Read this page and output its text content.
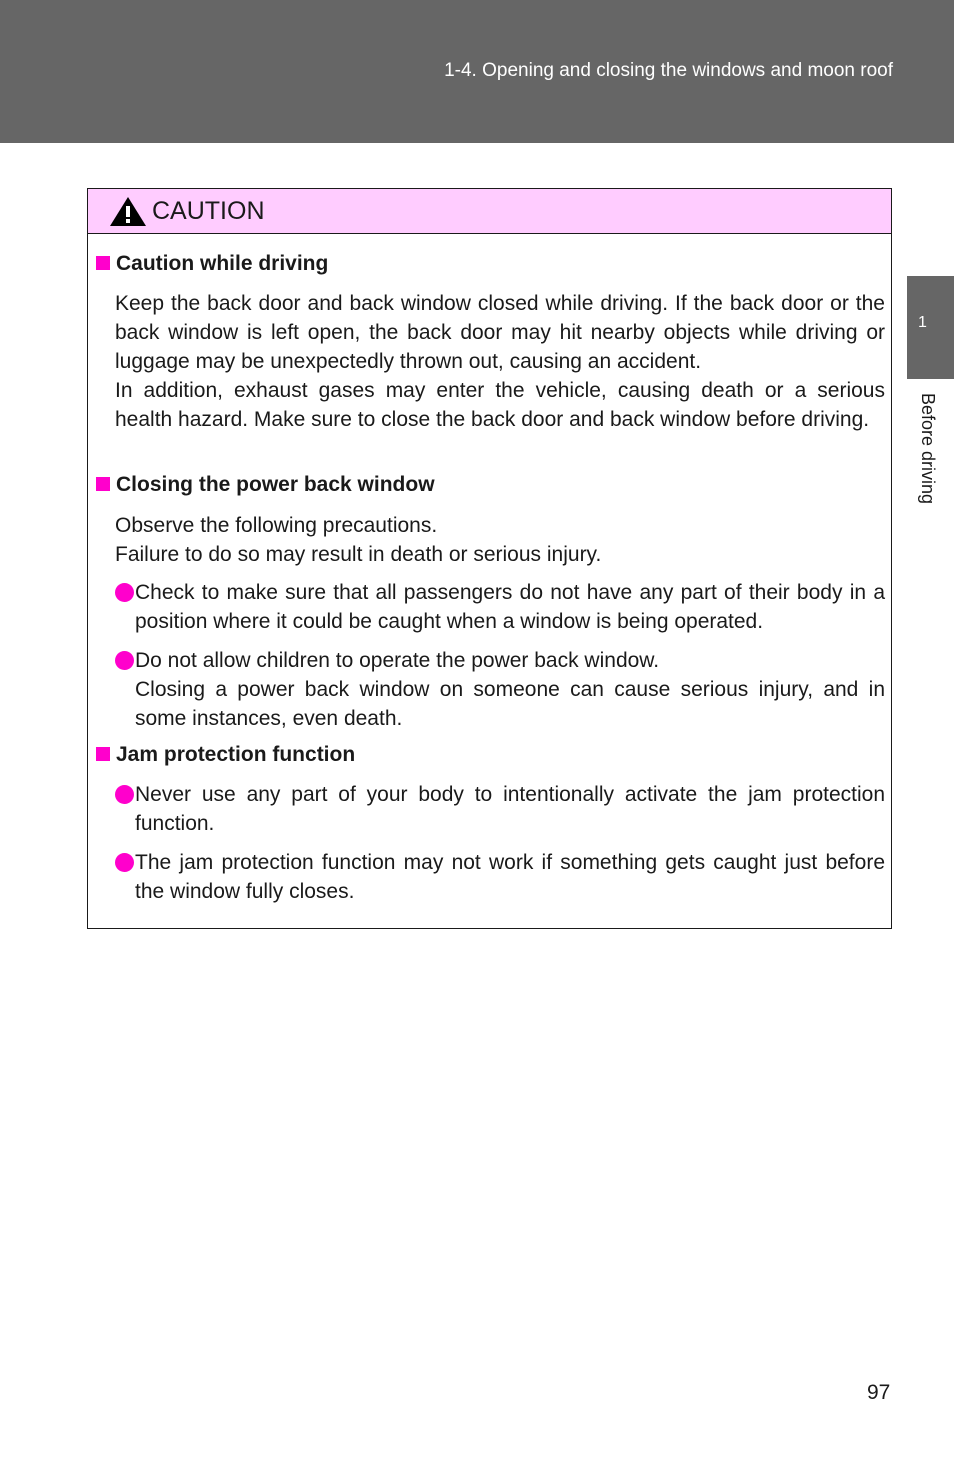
1-4. Opening and closing the windows and moon roof
1
Before driving
CAUTION
Caution while driving
Keep the back door and back window closed while driving. If the back door or the back window is left open, the back door may hit nearby objects while driving or luggage may be unexpectedly thrown out, causing an accident.
In addition, exhaust gases may enter the vehicle, causing death or a serious health hazard. Make sure to close the back door and back window before driving.
Closing the power back window
Observe the following precautions.
Failure to do so may result in death or serious injury.
Check to make sure that all passengers do not have any part of their body in a position where it could be caught when a window is being operated.
Do not allow children to operate the power back window.
Closing a power back window on someone can cause serious injury, and in some instances, even death.
Jam protection function
Never use any part of your body to intentionally activate the jam protection function.
The jam protection function may not work if something gets caught just before the window fully closes.
97
